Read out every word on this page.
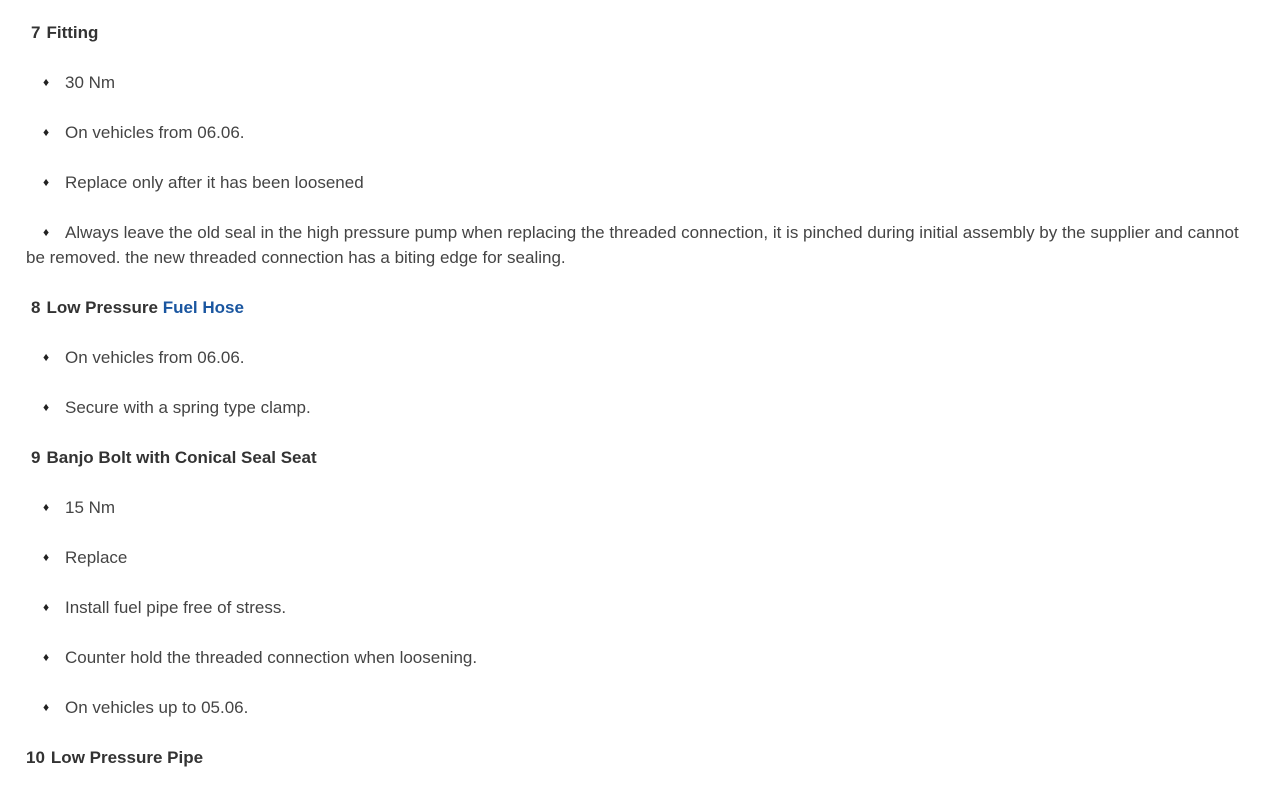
7 Fitting
♦ 30 Nm
♦ On vehicles from 06.06.
♦ Replace only after it has been loosened
♦ Always leave the old seal in the high pressure pump when replacing the threaded connection, it is pinched during initial assembly by the supplier and cannot be removed. the new threaded connection has a biting edge for sealing.
8 Low Pressure Fuel Hose
♦ On vehicles from 06.06.
♦ Secure with a spring type clamp.
9 Banjo Bolt with Conical Seal Seat
♦ 15 Nm
♦ Replace
♦ Install fuel pipe free of stress.
♦ Counter hold the threaded connection when loosening.
♦ On vehicles up to 05.06.
10 Low Pressure Pipe
